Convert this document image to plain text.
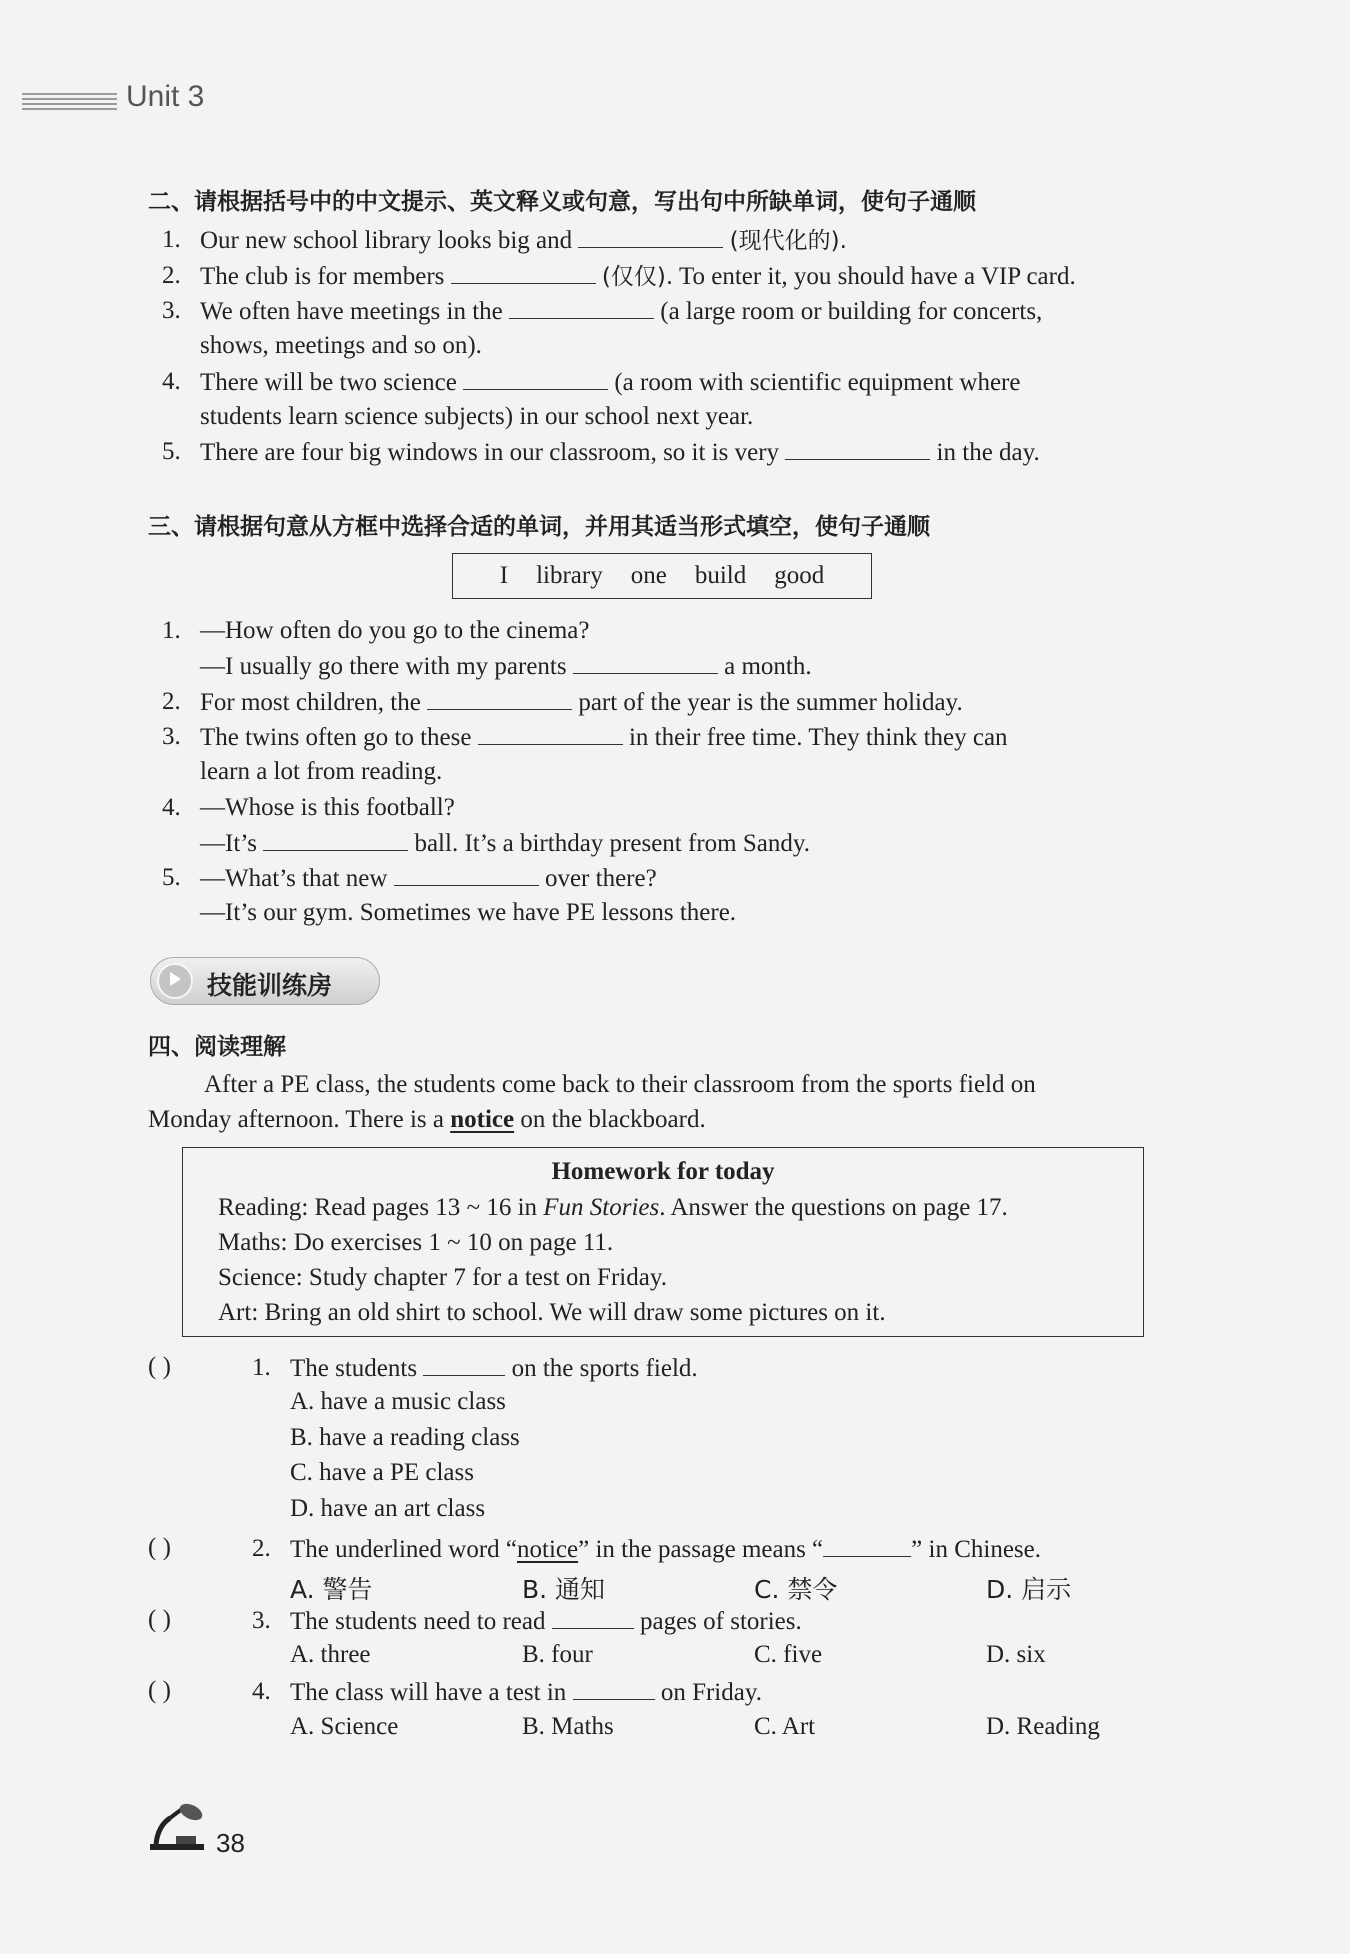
Unit 3
二、请根据括号中的中文提示、英文释义或句意，写出句中所缺单词，使句子通顺
1. Our new school library looks big and	(现代化的).
2. The club is for members	(仅仅). To enter it, you should have a VIP card.
3. We often have meetings in the	(a large room or building for concerts,
shows, meetings and so on).
4. There will be two science	(a room with scientific equipment where
students learn science subjects) in our school next year.
5. There are four big windows in our classroom, so it is very	in the day.
三、请根据句意从方框中选择合适的单词，并用其适当形式填空，使句子通顺
I library one build good
1. —How often do you go to the cinema?
—I usually go there with my parents	a month.
2. For most children, the	part of the year is the summer holiday.
3. The twins often go to these	in their free time. They think they can
learn a lot from reading.
4. —Whose is this football?
—It’s	ball. It’s a birthday present from Sandy.
5. —What’s that new	over there?
—It’s our gym. Sometimes we have PE lessons there.
技能训练房
四、阅读理解
After a PE class, the students come back to their classroom from the sports field on
Monday afternoon. There is a notice on the blackboard.
Homework for today
Reading: Read pages 13 ~ 16 in Fun Stories. Answer the questions on page 17.
Maths: Do exercises 1 ~ 10 on page 11.
Science: Study chapter 7 for a test on Friday.
Art: Bring an old shirt to school. We will draw some pictures on it.
( )	1. The students	on the sports field.
A. have a music class
B. have a reading class
C. have a PE class
D. have an art class
( )	2. The underlined word “notice” in the passage means “	” in Chinese.
A. 警告	B. 通知	C. 禁令	D. 启示
( )	3. The students need to read	pages of stories.
A. three	B. four	C. five	D. six
( )	4. The class will have a test in	on Friday.
A. Science	B. Maths	C. Art	D. Reading
38
